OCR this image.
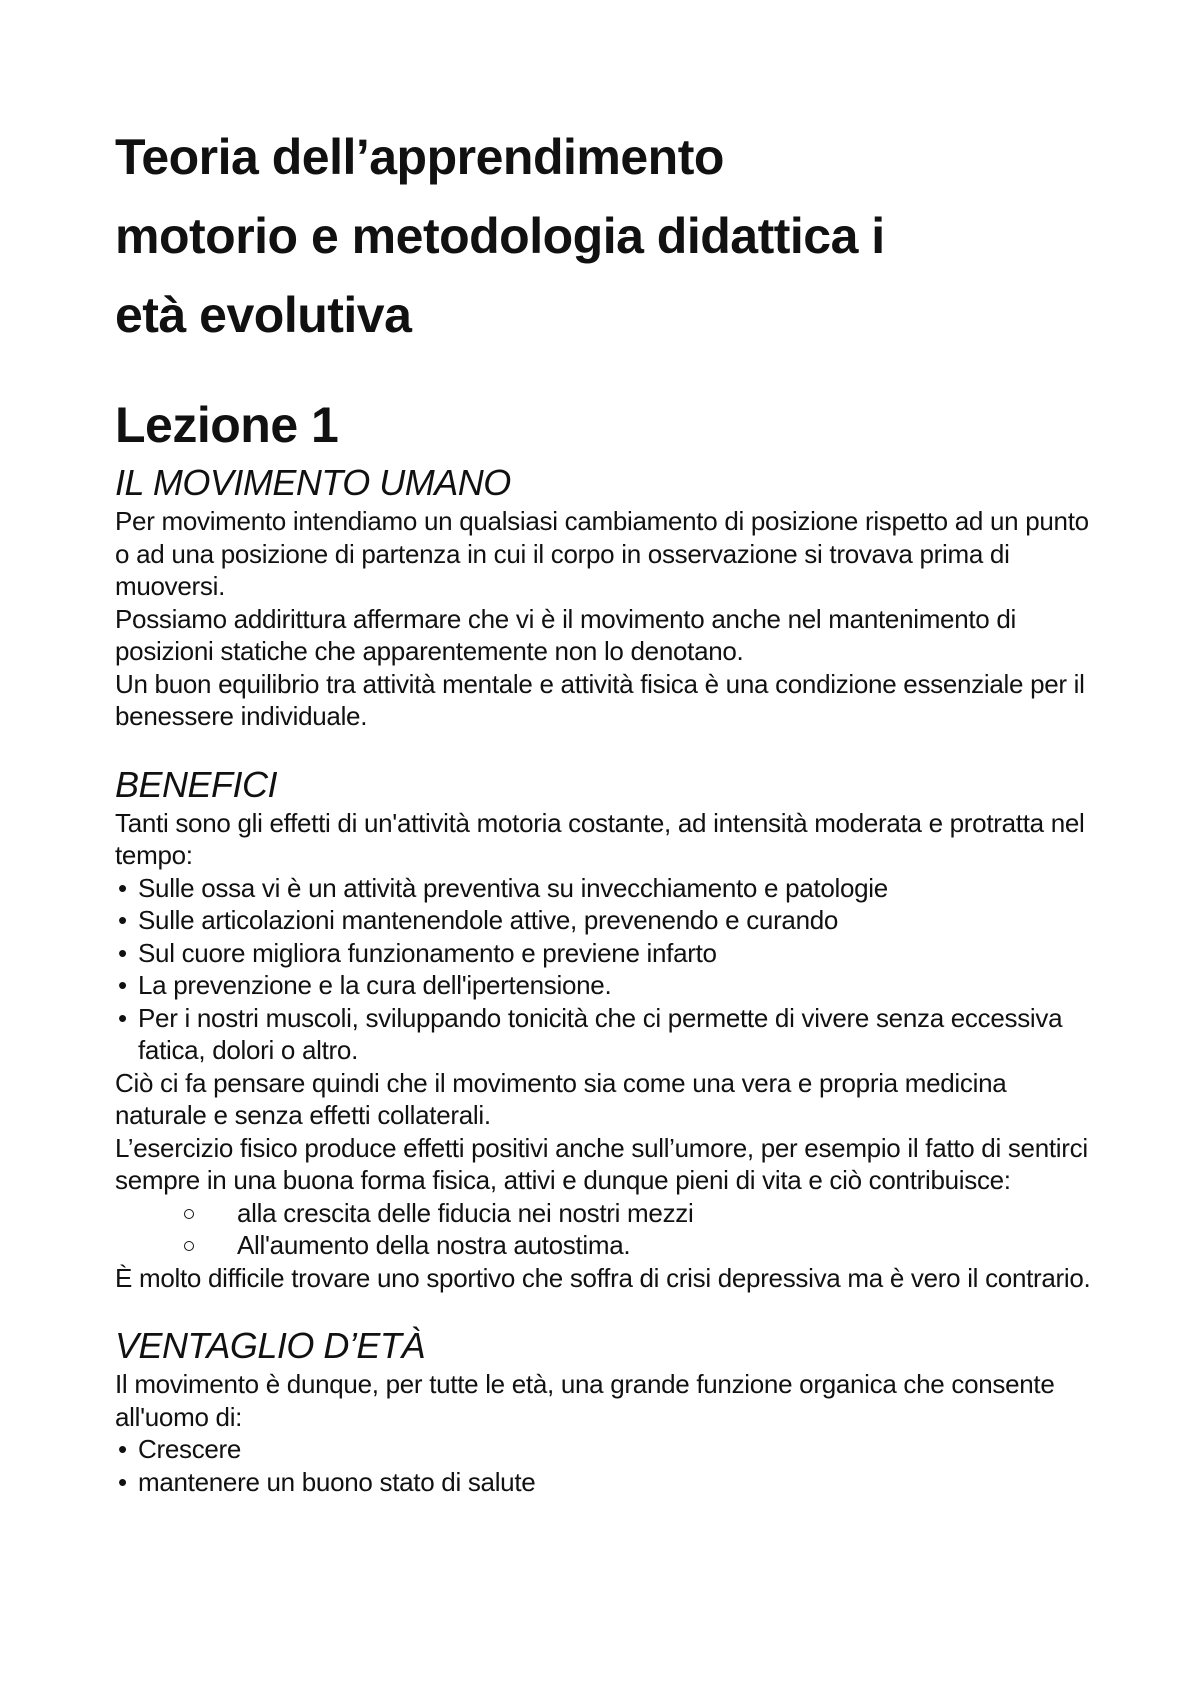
Teoria dell’apprendimento
motorio e metodologia didattica i
età evolutiva
Lezione 1
IL MOVIMENTO UMANO

Per movimento intendiamo un qualsiasi cambiamento di posizione rispetto ad un punto o ad una posizione di partenza in cui il corpo in osservazione si trovava prima di muoversi.

Possiamo addirittura affermare che vi è il movimento anche nel mantenimento di posizioni statiche che apparentemente non lo denotano.

Un buon equilibrio tra attività mentale e attività fisica è una condizione essenziale per il benessere individuale.

BENEFICI

Tanti sono gli effetti di un'attività motoria costante, ad intensità moderata e protratta nel tempo:

• Sulle ossa vi è un attività preventiva su invecchiamento e patologie
• Sulle articolazioni mantenendole attive, prevenendo e curando
• Sul cuore migliora funzionamento e previene infarto
• La prevenzione e la cura dell'ipertensione.
• Per i nostri muscoli, sviluppando tonicità che ci permette di vivere senza eccessiva fatica, dolori o altro.

Ciò ci fa pensare quindi che il movimento sia come una vera e propria medicina naturale e senza effetti collaterali.

L’esercizio fisico produce effetti positivi anche sull’umore, per esempio il fatto di sentirci sempre in una buona forma fisica, attivi e dunque pieni di vita e ciò contribuisce:

alla crescita delle fiducia nei nostri mezzi
All'aumento della nostra autostima.

È molto difficile trovare uno sportivo che soffra di crisi depressiva ma è vero il contrario.

VENTAGLIO D’ETÀ

Il movimento è dunque, per tutte le età, una grande funzione organica che consente all'uomo di:

• Crescere
• mantenere un buono stato di salute
